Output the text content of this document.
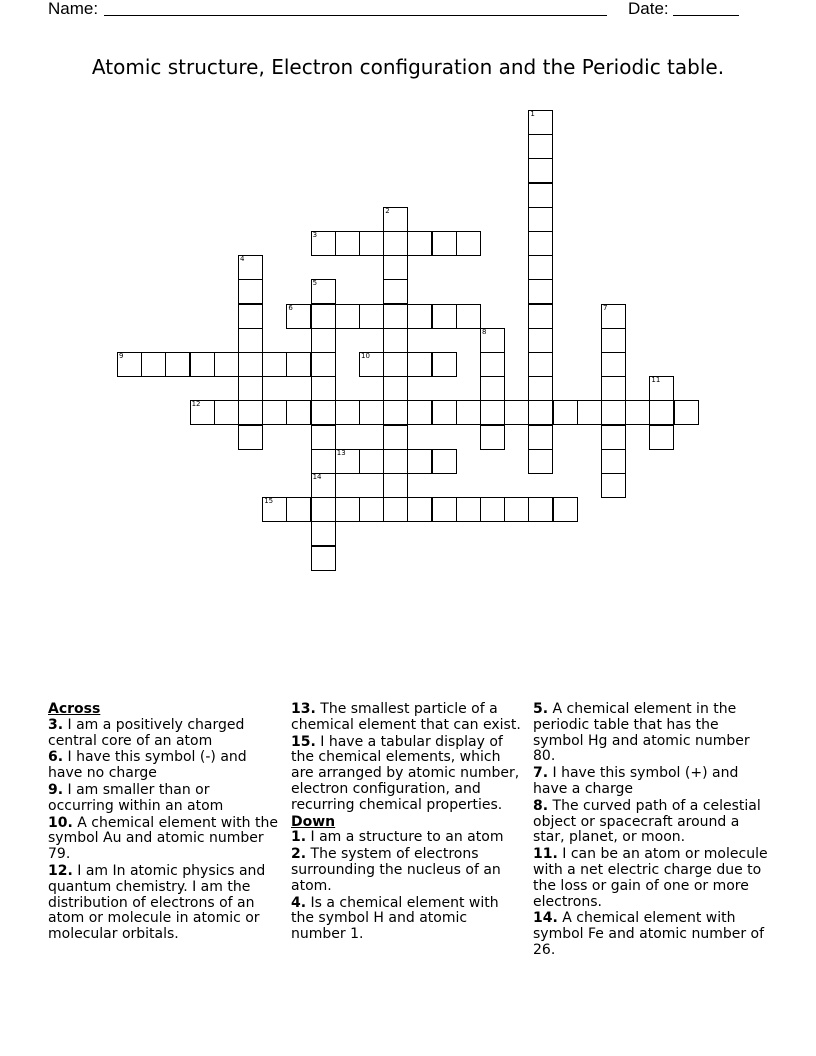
Name:	Date:
Atomic structure, Electron configuration and the Periodic table.
1
2
3
4
5
14
6	7
8
9	10
11
12
13
15
Across
3. I am a positively charged central core of an atom
6. I have this symbol (-) and have no charge
9. I am smaller than or occurring within an atom
10. A chemical element with the symbol Au and atomic number 79.
12. I am In atomic physics and quantum chemistry. I am the distribution of electrons of an atom or molecule in atomic or molecular orbitals.
13. The smallest particle of a chemical element that can exist.
15. I have a tabular display of the chemical elements, which are arranged by atomic number, electron configuration, and recurring chemical properties.
Down
1. I am a structure to an atom
2. The system of electrons surrounding the nucleus of an atom.
4. Is a chemical element with the symbol H and atomic number 1.
5. A chemical element in the periodic table that has the symbol Hg and atomic number 80.
7. I have this symbol (+) and have a charge
8. The curved path of a celestial object or spacecraft around a star, planet, or moon.
11. I can be an atom or molecule with a net electric charge due to the loss or gain of one or more electrons.
14. A chemical element with symbol Fe and atomic number of 26.
